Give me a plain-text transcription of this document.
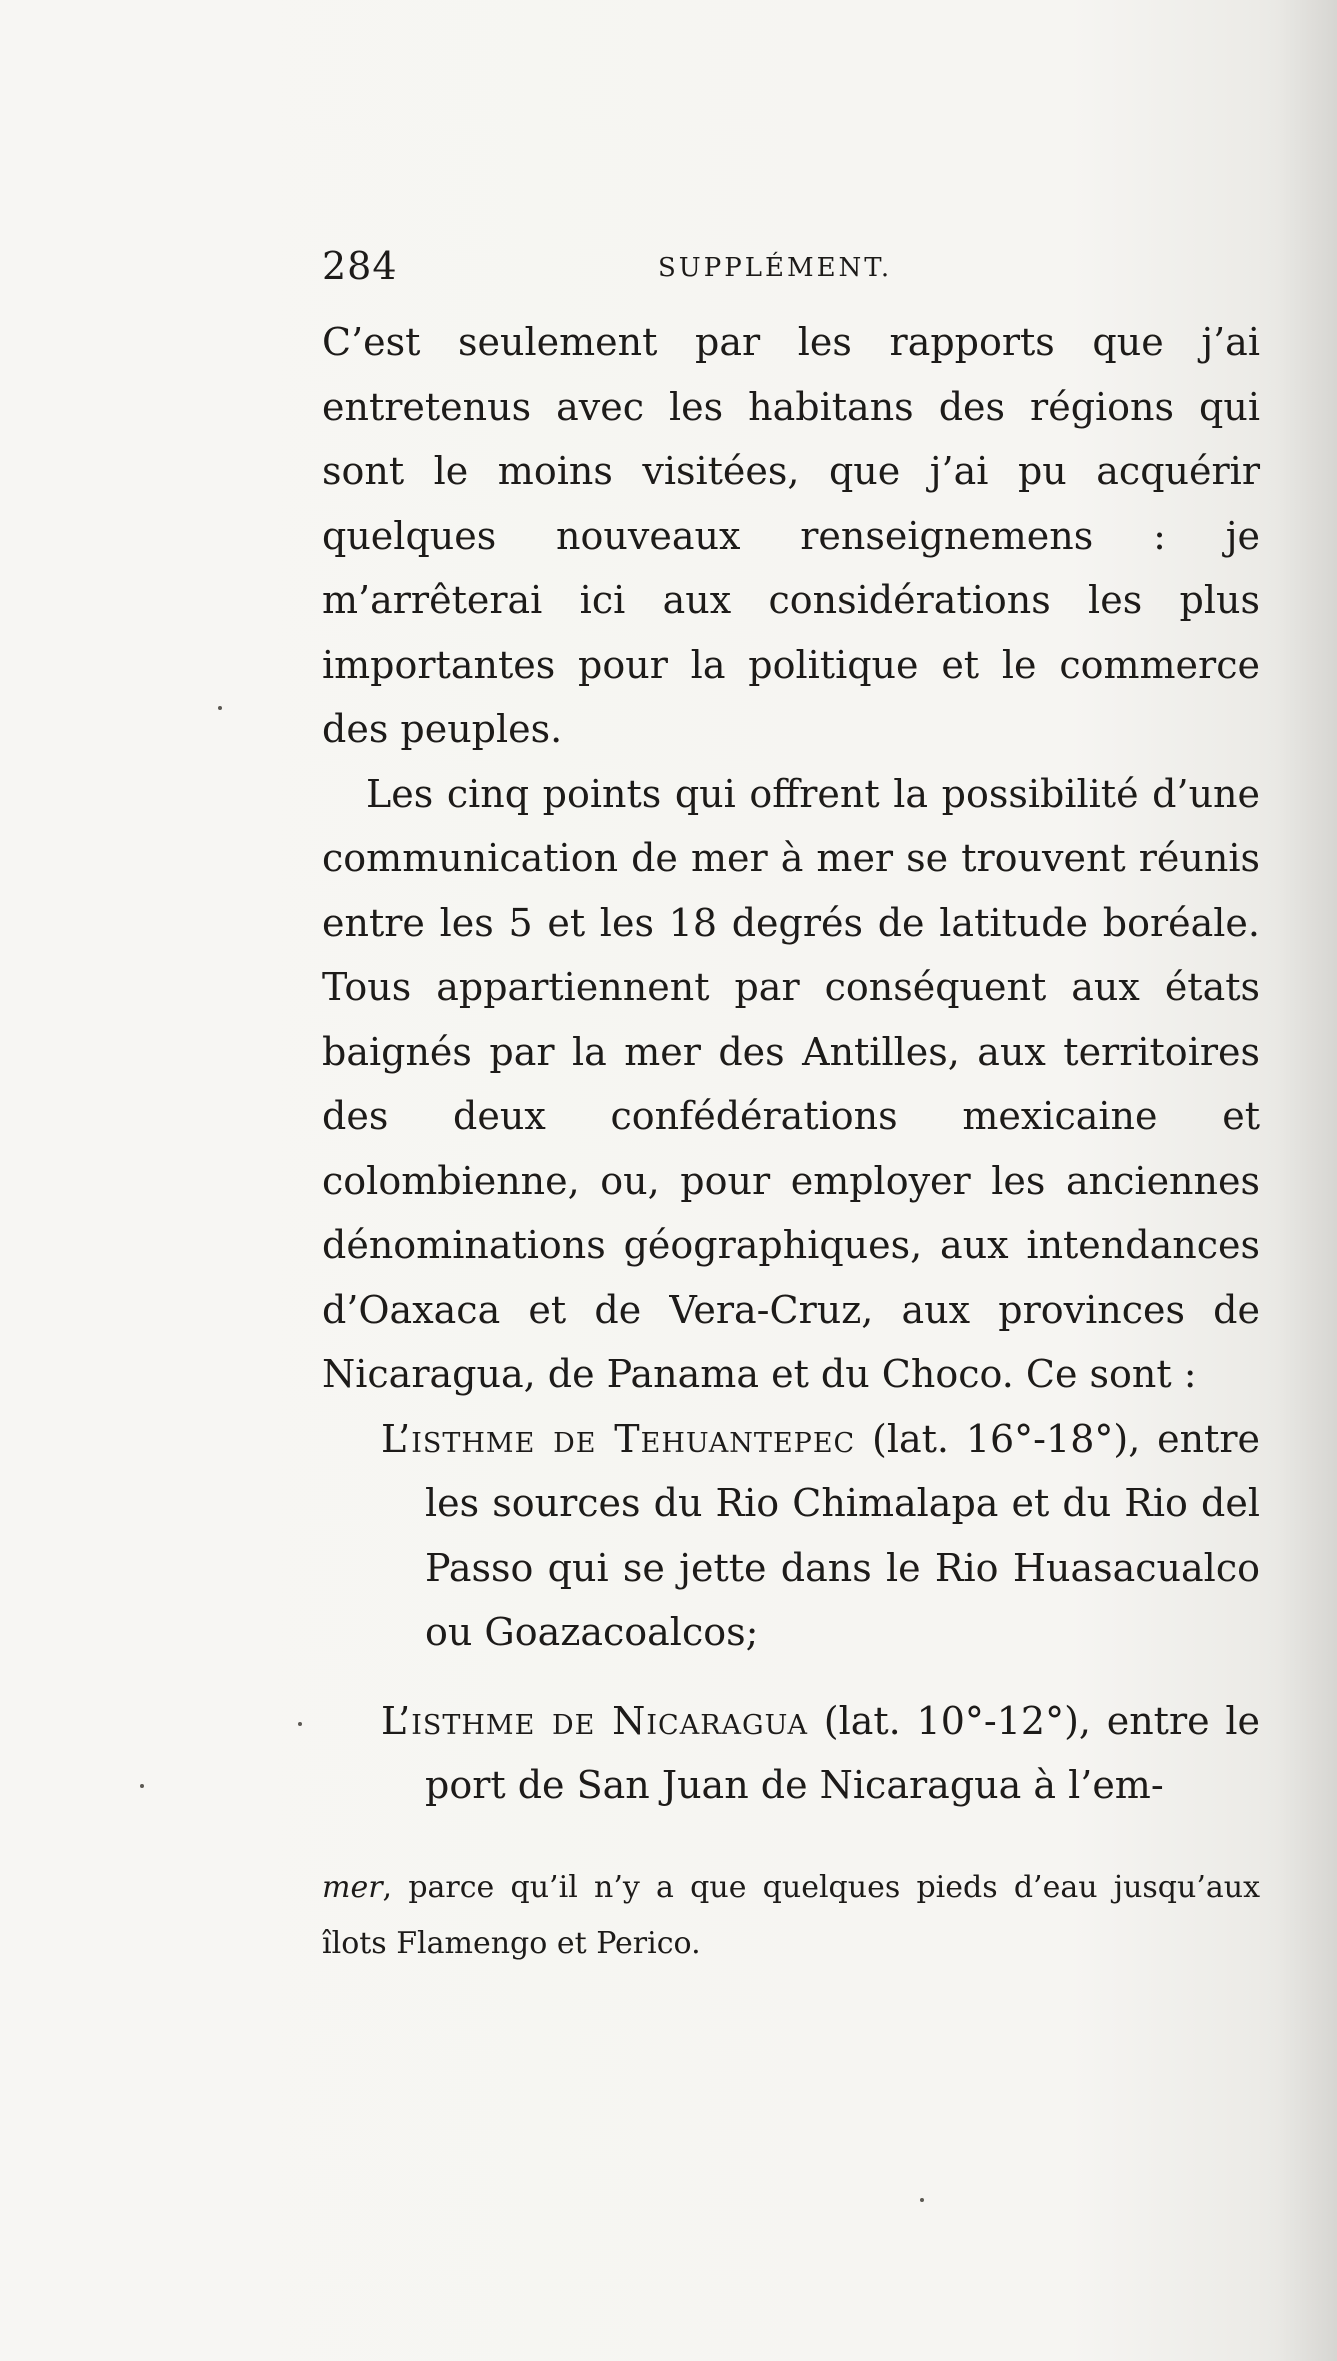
284	SUPPLÉMENT.

C’est seulement par les rapports que j’ai entretenus avec les habitans des régions qui sont le moins visitées, que j’ai pu acquérir quelques nouveaux renseignemens : je m’arrêterai ici aux considérations les plus importantes pour la politique et le commerce des peuples.

Les cinq points qui offrent la possibilité d’une communication de mer à mer se trouvent réunis entre les 5 et les 18 degrés de latitude boréale. Tous appartiennent par conséquent aux états baignés par la mer des Antilles, aux territoires des deux confédérations mexicaine et colombienne, ou, pour employer les anciennes dénominations géographiques, aux intendances d’Oaxaca et de Vera-Cruz, aux provinces de Nicaragua, de Panama et du Choco. Ce sont :

L’isthme de Tehuantepec (lat. 16°-18°), entre les sources du Rio Chimalapa et du Rio del Passo qui se jette dans le Rio Huasacualco ou Goazacoalcos;

L’isthme de Nicaragua (lat. 10°-12°), entre le port de San Juan de Nicaragua à l’em-

mer, parce qu’il n’y a que quelques pieds d’eau jusqu’aux îlots Flamengo et Perico.
